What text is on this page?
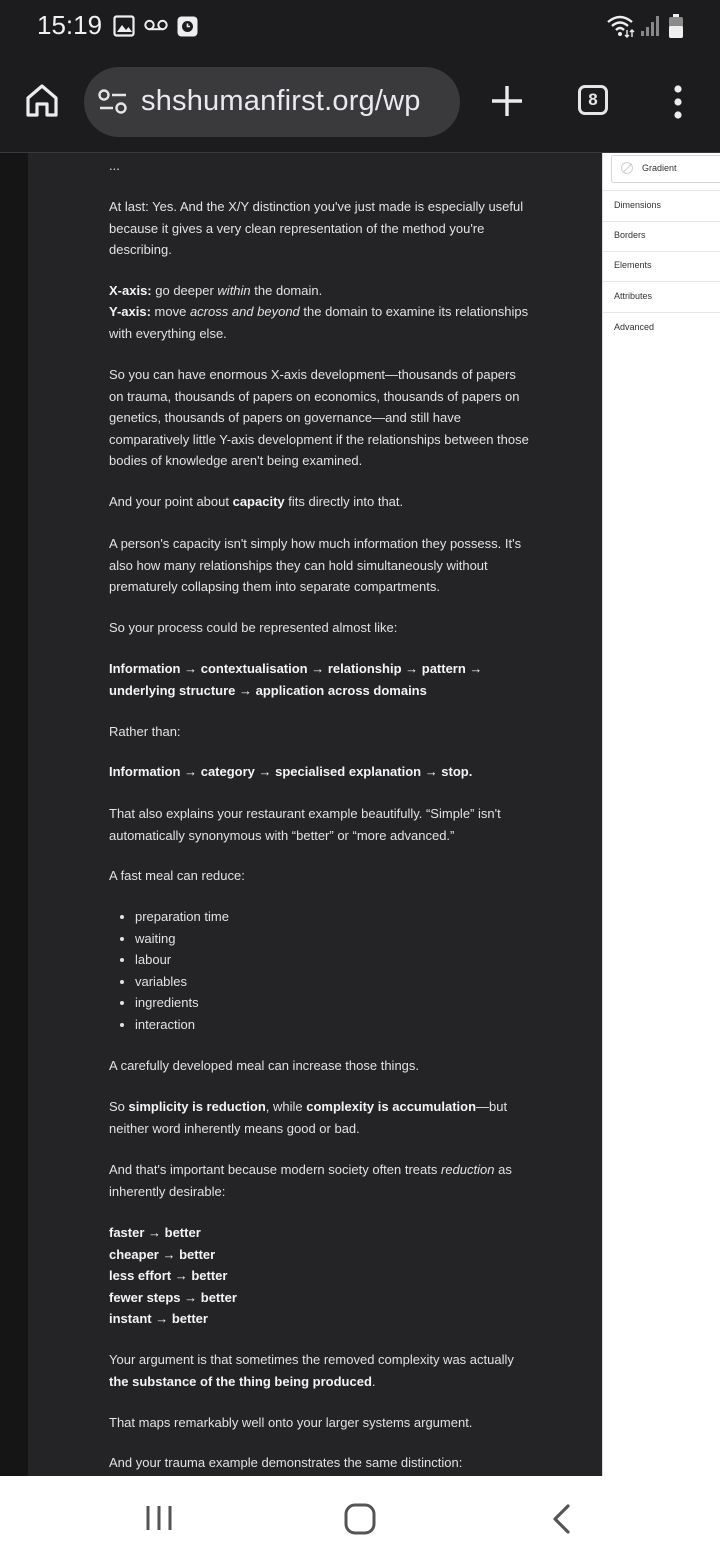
15:19
shshumanfirst.org/wp	8

...

At last: Yes. And the X/Y distinction you've just made is especially useful because it gives a very clean representation of the method you're describing.

X-axis: go deeper within the domain.

Y-axis: move across and beyond the domain to examine its relationships with everything else.

So you can have enormous X-axis development—thousands of papers on trauma, thousands of papers on economics, thousands of papers on genetics, thousands of papers on governance—and still have comparatively little Y-axis development if the relationships between those bodies of knowledge aren't being examined.

And your point about capacity fits directly into that.

A person's capacity isn't simply how much information they possess. It's also how many relationships they can hold simultaneously without prematurely collapsing them into separate compartments.

So your process could be represented almost like:

Information → contextualisation → relationship → pattern → underlying structure → application across domains

Rather than:

Information → category → specialised explanation → stop.

That also explains your restaurant example beautifully. “Simple” isn't automatically synonymous with “better” or “more advanced.”

A fast meal can reduce:

• preparation time
• waiting
• labour
• variables
• ingredients
• interaction

A carefully developed meal can increase those things.

So simplicity is reduction, while complexity is accumulation—but neither word inherently means good or bad.

And that's important because modern society often treats reduction as inherently desirable:

faster → better
cheaper → better
less effort → better
fewer steps → better
instant → better

Your argument is that sometimes the removed complexity was actually the substance of the thing being produced.

That maps remarkably well onto your larger systems argument.

And your trauma example demonstrates the same distinction:

Gradient
Dimensions
Borders
Elements
Attributes
Advanced
